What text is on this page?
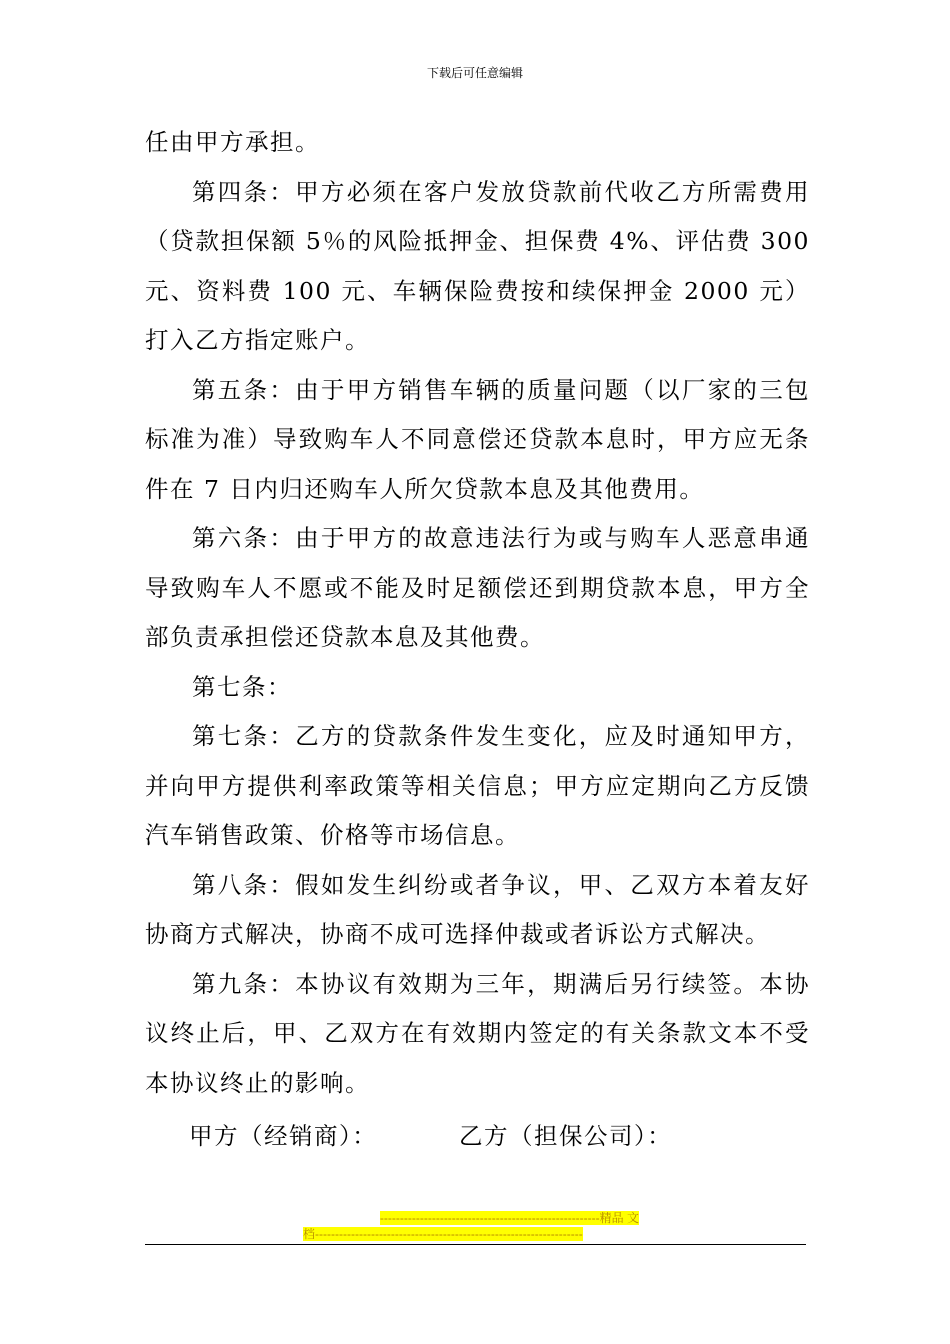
下载后可任意编辑

任由甲方承担。

第四条：甲方必须在客户发放贷款前代收乙方所需费用（贷款担保额 5％的风险抵押金、担保费 4%、评估费 300 元、资料费 100 元、车辆保险费按和续保押金 2000 元）打入乙方指定账户。

第五条：由于甲方销售车辆的质量问题（以厂家的三包标准为准）导致购车人不同意偿还贷款本息时，甲方应无条件在 7 日内归还购车人所欠贷款本息及其他费用。

第六条：由于甲方的故意违法行为或与购车人恶意串通导致购车人不愿或不能及时足额偿还到期贷款本息，甲方全部负责承担偿还贷款本息及其他费。

第七条：

第七条：乙方的贷款条件发生变化，应及时通知甲方，并向甲方提供利率政策等相关信息；甲方应定期向乙方反馈汽车销售政策、价格等市场信息。

第八条：假如发生纠纷或者争议，甲、乙双方本着友好协商方式解决，协商不成可选择仲裁或者诉讼方式解决。

第九条：本协议有效期为三年，期满后另行续签。本协议终止后，甲、乙双方在有效期内签定的有关条款文本不受本协议终止的影响。

甲方（经销商）：	乙方（担保公司）：
-------------------------------------------------------精品 文
档-------------------------------------------------------------------
